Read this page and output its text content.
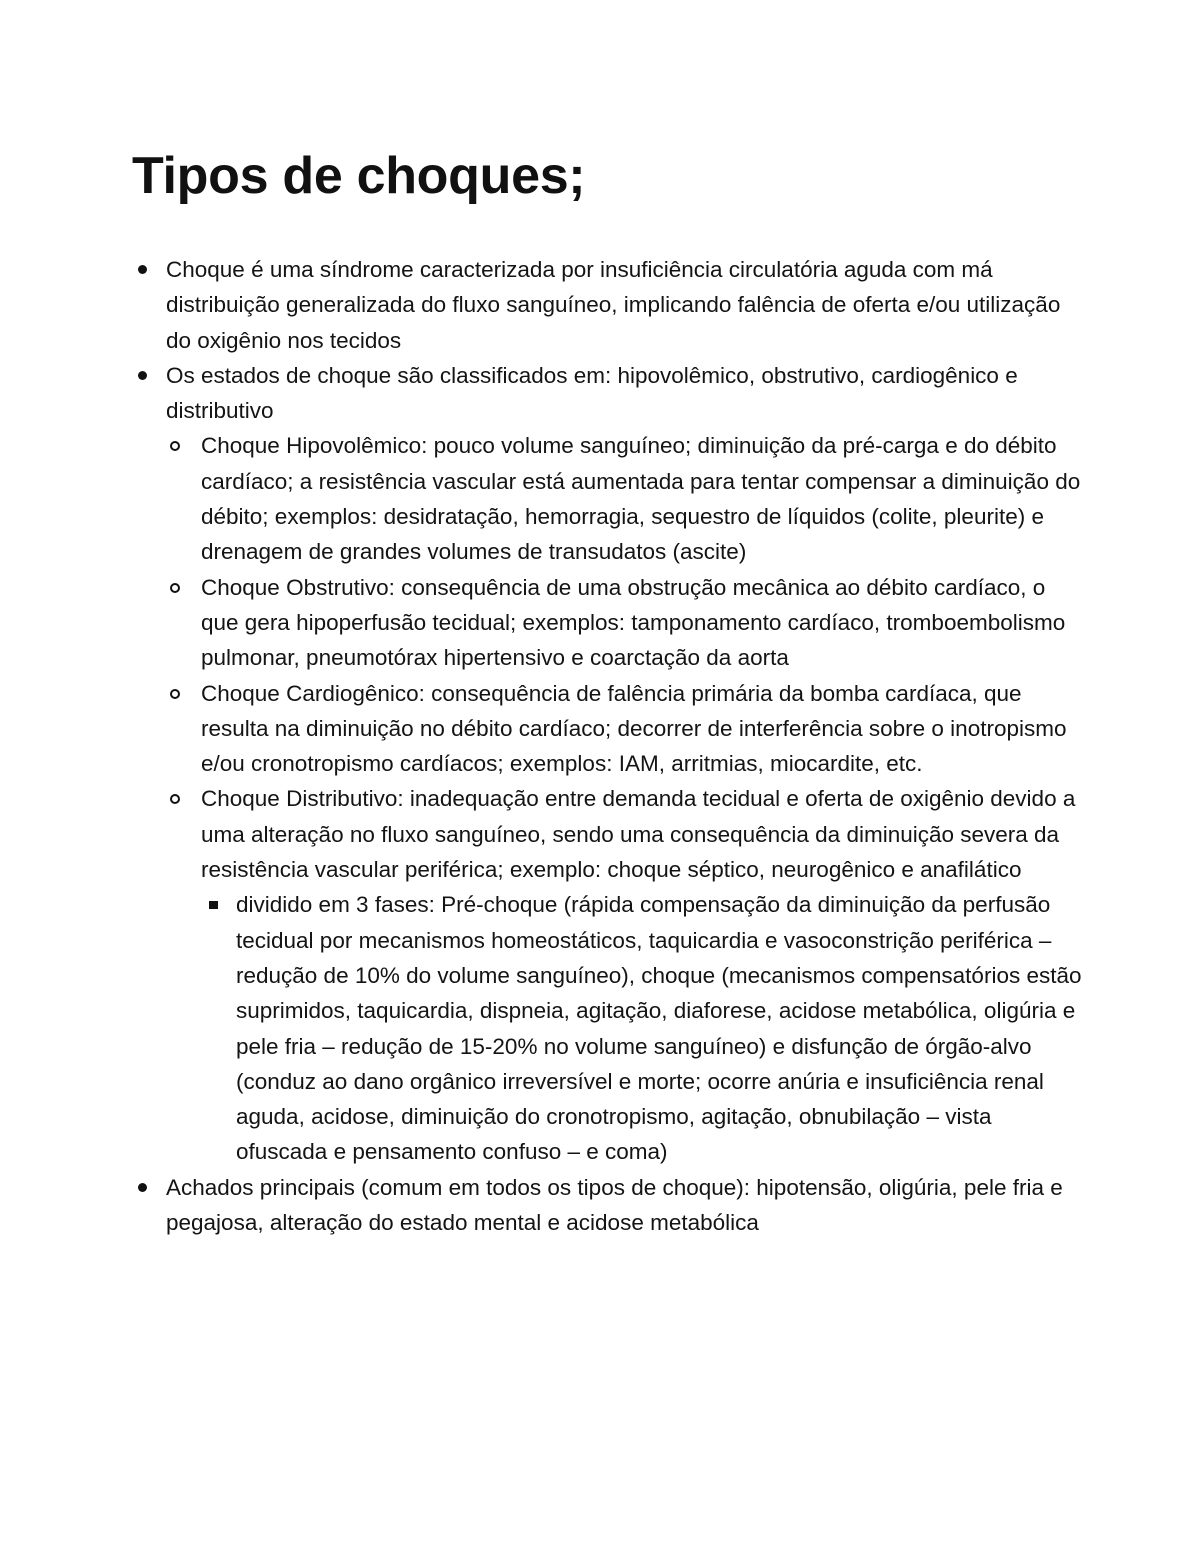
Tipos de choques;
Choque é uma síndrome caracterizada por insuficiência circulatória aguda com má distribuição generalizada do fluxo sanguíneo, implicando falência de oferta e/ou utilização do oxigênio nos tecidos
Os estados de choque são classificados em: hipovolêmico, obstrutivo, cardiogênico e distributivo
Choque Hipovolêmico: pouco volume sanguíneo; diminuição da pré-carga e do débito cardíaco; a resistência vascular está aumentada para tentar compensar a diminuição do débito; exemplos: desidratação, hemorragia, sequestro de líquidos (colite, pleurite) e drenagem de grandes volumes de transudatos (ascite)
Choque Obstrutivo: consequência de uma obstrução mecânica ao débito cardíaco, o que gera hipoperfusão tecidual; exemplos: tamponamento cardíaco, tromboembolismo pulmonar, pneumotórax hipertensivo e coarctação da aorta
Choque Cardiogênico: consequência de falência primária da bomba cardíaca, que resulta na diminuição no débito cardíaco; decorrer de interferência sobre o inotropismo e/ou cronotropismo cardíacos; exemplos: IAM, arritmias, miocardite, etc.
Choque Distributivo: inadequação entre demanda tecidual e oferta de oxigênio devido a uma alteração no fluxo sanguíneo, sendo uma consequência da diminuição severa da resistência vascular periférica; exemplo: choque séptico, neurogênico e anafilático
dividido em 3 fases: Pré-choque (rápida compensação da diminuição da perfusão tecidual por mecanismos homeostáticos, taquicardia e vasoconstrição periférica – redução de 10% do volume sanguíneo), choque (mecanismos compensatórios estão suprimidos, taquicardia, dispneia, agitação, diaforese, acidose metabólica, oligúria e pele fria – redução de 15-20% no volume sanguíneo) e disfunção de órgão-alvo (conduz ao dano orgânico irreversível e morte; ocorre anúria e insuficiência renal aguda, acidose, diminuição do cronotropismo, agitação, obnubilação – vista ofuscada e pensamento confuso – e coma)
Achados principais (comum em todos os tipos de choque): hipotensão, oligúria, pele fria e pegajosa, alteração do estado mental e acidose metabólica
